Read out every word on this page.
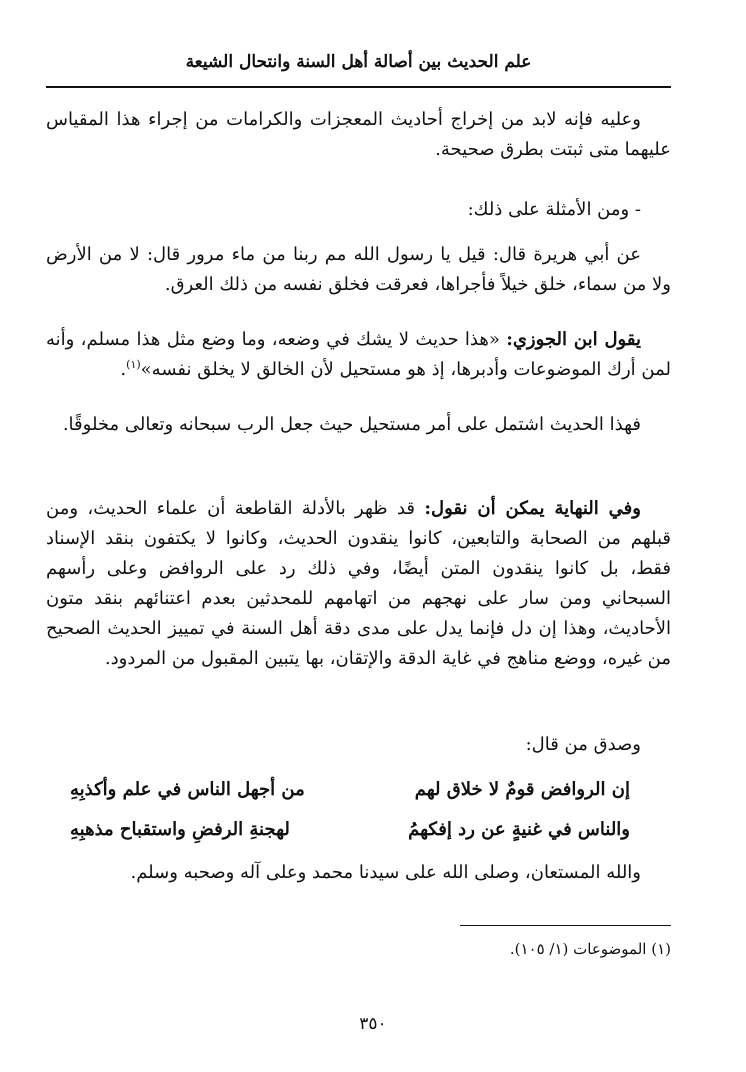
علم الحديث بين أصالة أهل السنة وانتحال الشيعة

وعليه فإنه لابد من إخراج أحاديث المعجزات والكرامات من إجراء هذا المقياس عليهما متى ثبتت بطرق صحيحة.

- ومن الأمثلة على ذلك:

عن أبي هريرة قال: قيل يا رسول الله مم ربنا من ماء مرور قال: لا من الأرض ولا من سماء، خلق خيلاً فأجراها، فعرقت فخلق نفسه من ذلك العرق.

يقول ابن الجوزي: «هذا حديث لا يشك في وضعه، وما وضع مثل هذا مسلم، وأنه لمن أرك الموضوعات وأدبرها، إذ هو مستحيل لأن الخالق لا يخلق نفسه»$^{(١)}$.

فهذا الحديث اشتمل على أمر مستحيل حيث جعل الرب سبحانه وتعالى مخلوقًا.

وفي النهاية يمكن أن نقول: قد ظهر بالأدلة القاطعة أن علماء الحديث، ومن قبلهم من الصحابة والتابعين، كانوا ينقدون الحديث، وكانوا لا يكتفون بنقد الإسناد فقط، بل كانوا ينقدون المتن أيضًا، وفي ذلك رد على الروافض وعلى رأسهم السبحاني ومن سار على نهجهم من اتهامهم للمحدثين بعدم اعتنائهم بنقد متون الأحاديث، وهذا إن دل فإنما يدل على مدى دقة أهل السنة في تمييز الحديث الصحيح من غيره، ووضع مناهج في غاية الدقة والإتقان، بها يتبين المقبول من المردود.

وصدق من قال:

إن الروافض قومٌ لا خلاق لهم
من أجهل الناس في علم وأكذبِهِ
والناس في غنيةٍ عن رد إفكهمُ
لهجنةِ الرفضِ واستقباح مذهبِهِ

والله المستعان، وصلى الله على سيدنا محمد وعلى آله وصحبه وسلم.

(١) الموضوعات (١/ ١٠٥).

٣٥٠
